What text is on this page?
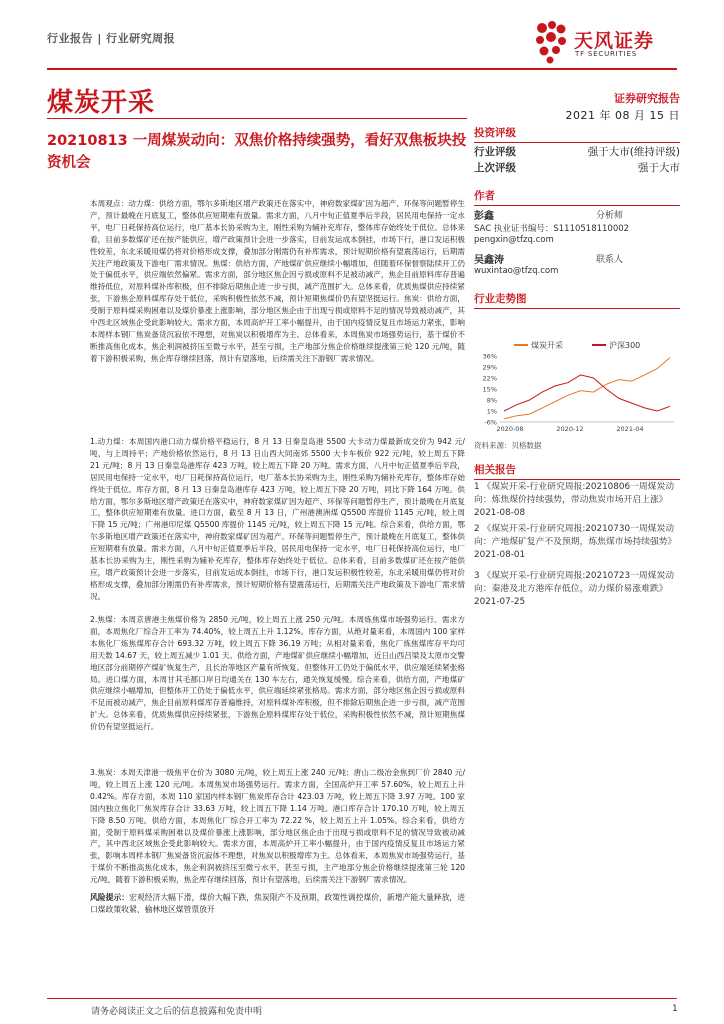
行业报告 | 行业研究周报	天风证券
TF SECURITIES
煤炭开采	证券研究报告
2021 年 08 月 15 日
20210813 一周煤炭动向：双焦价格持续强势，看好双焦板块投资机会
投资评级
行业评级	强于大市(维持评级)
上次评级	强于大市
作者
彭鑫	分析师
SAC 执业证书编号：S1110518110002
pengxin@tfzq.com
吴鑫涛	联系人
wuxintao@tfzq.com
行业走势图
煤炭开采	沪深300
36%
29%
22%
15%
8%
1%
-6%
2020-08	2020-12	2021-04
资料来源：贝格数据
相关报告
1 《煤炭开采-行业研究周报:20210806一周煤炭动向：炼焦煤价持续强势，带动焦炭市场开启上涨》 2021-08-08
2 《煤炭开采-行业研究周报:20210730一周煤炭动向：产地煤矿复产不及预期，炼焦煤市场持续强势》 2021-08-01
3 《煤炭开采-行业研究周报:20210723一周煤炭动向：秦港及北方港库存低位，动力煤价易涨难跌》 2021-07-25
本周观点：动力煤：供给方面，鄂尔多斯地区增产政策还在落实中，神府数家煤矿因为超产、环保等问题暂停生产，预计最晚在月底复工，整体供应短期难有放量。需求方面，八月中旬正值夏季后半段，居民用电保持一定水平，电厂日耗保持高位运行，电厂基本长协采购为主，刚性采购为辅补充库存，整体库存始终处于低位。总体来看，目前多数煤矿还在按产能供应，增产政策预计会进一步落实，目前发运成本倒挂，市场下行，港口发运积极性较差，东北采暖用煤仍将对价格形成支撑，叠加部分刚需仍有补库需求，预计短期价格有望震荡运行，后期需关注产地政策及下游电厂需求情况。焦煤：供给方面，产地煤矿供应继续小幅增加，但随着环保督察陆续开工仍处于偏低水平，供应端依然偏紧。需求方面，部分地区焦企因亏损或原料不足被动减产，焦企目前原料库存普遍维持低位，对原料煤补库积极，但不排除后期焦企进一步亏损，减产范围扩大。总体来看，优质焦煤供应持续紧张，下游焦企原料煤库存处于低位，采购积极性依然不减，预计短期焦煤价仍有望坚挺运行。焦炭：供给方面，受制于原料煤采购困难以及煤价暴涨上涨影响，部分地区焦企由于出现亏损或原料不足的情况导致被动减产，其中西北区域焦企受此影响较大。需求方面，本周高炉开工率小幅提升，由于国内疫情反复且市场运力紧张，影响本周样本钢厂焦炭备货沉寂依不理想，对焦炭以积极增库为主。总体看来，本周焦炭市场强势运行，基于煤价不断推高焦化成本，焦企利润被挤压至微亏水平，甚至亏损，主产地部分焦企价格继续提涨第三轮 120 元/吨，随着下游积极采购，焦企库存继续回落，预计有望落地，后续需关注下游钢厂需求情况。
1.动力煤：本周国内港口动力煤价格平稳运行，8 月 13 日秦皇岛港 5500 大卡动力煤最新成交价为 942 元/吨，与上周持平；产地价格依然运行，8 月 13 日山西大同南郊 5500 大卡车板价 922 元/吨，较上周五下降 21 元/吨；8 月 13 日秦皇岛港库存 423 万吨，较上周五下降 20 万吨。需求方面，八月中旬正值夏季后半段，居民用电保持一定水平，电厂日耗保持高位运行，电厂基本长协采购为主，刚性采购为辅补充库存，整体库存始终处于低位。库存方面，8 月 13 日秦皇岛港库存 423 万吨，较上周五下降 20 万吨，同比下降 164 万吨。供给方面，鄂尔多斯地区增产政策还在落实中，神府数家煤矿因为超产、环保等问题暂停生产，预计最晚在月底复工，整体供应短期难有放量。进口方面，截至 8 月 13 日，广州港澳洲煤 Q5500 库提价 1145 元/吨，较上周下降 15 元/吨；广州港印尼煤 Q5500 库提价 1145 元/吨，较上周五下降 15 元/吨。综合来看，供给方面，鄂尔多斯地区增产政策还在落实中，神府数家煤矿因为超产、环保等问题暂停生产，预计最晚在月底复工，整体供应短期难有放量。需求方面，八月中旬正值夏季后半段，居民用电保持一定水平，电厂日耗保持高位运行，电厂基本长协采购为主，刚性采购为辅补充库存，整体库存始终处于低位。总体来看，目前多数煤矿还在按产能供应，增产政策预计会进一步落实，目前发运成本倒挂，市场下行，港口发运积极性较差，东北采暖用煤仍将对价格形成支撑，叠加部分刚需仍有补库需求，预计短期价格有望震荡运行，后期需关注产地政策及下游电厂需求情况。
2.焦煤：本周京唐港主焦煤价格为 2850 元/吨，较上周五上涨 250 元/吨。本周炼焦煤市场强势运行。需求方面，本周焦化厂综合开工率为 74.40%，较上周五上升 1.12%。库存方面，从绝对量来看，本周国内 100 家样本焦化厂炼焦煤库存合计 693.32 万吨，较上周五下降 36.19 万吨；从相对量来看，焦化厂炼焦煤库存平均可用天数 14.67 天，较上周五减少 1.01 天。供给方面，产地煤矿供应继续小幅增加，近日山西吕梁及太原市交警地区部分前期停产煤矿恢复生产，且长治等地区产量有所恢复。但整体开工仍处于偏低水平，供应端延续紧张格局。进口煤方面，本周甘其毛都口岸日均通关在 130 车左右，通关恢复缓慢。综合来看，供给方面，产地煤矿供应继续小幅增加，但整体开工仍处于偏低水平，供应端延续紧张格局。需求方面，部分地区焦企因亏损或原料不足而被动减产，焦企目前原料煤库存普遍维持，对原料煤补库积极，但不排除后期焦企进一步亏损，减产范围扩大。总体来看，优质焦煤供应持续紧张，下游焦企原料煤库存处于低位，采购积极性依然不减，预计短期焦煤价仍有望坚挺运行。
3.焦炭：本周天津港一级焦平仓价为 3080 元/吨，较上周五上涨 240 元/吨；唐山二级冶金焦到厂价 2840 元/吨，较上周五上涨 120 元/吨。本周焦炭市场强势运行。需求方面，全国高炉开工率 57.60%，较上周五上升 0.42%。库存方面，本周 110 家国内样本钢厂焦炭库存合计 423.03 万吨，较上周五下降 3.97 万吨。100 家国内独立焦化厂焦炭库存合计 33.63 万吨，较上周五下降 1.14 万吨。港口库存合计 170.10 万吨，较上周五下降 8.50 万吨。供给方面，本周焦化厂综合开工率为 72.22 %，较上周五上升 1.05%。综合来看，供给方面，受制于原料煤采购困难以及煤价暴涨上涨影响，部分地区焦企由于出现亏损或原料不足的情况导致被动减产，其中西北区域焦企受此影响较大。需求方面，本周高炉开工率小幅提升，由于国内疫情反复且市场运力紧张，影响本周样本钢厂焦炭备货沉寂体不理想，对焦炭以积极增库为主。总体看来，本周焦炭市场强势运行，基于煤价不断推高焦化成本，焦企利润被挤压至微亏水平，甚至亏损，主产地部分焦企价格继续提涨第三轮 120 元/吨，随着下游积极采购，焦企库存继续回落，预计有望落地，后续需关注下游钢厂需求情况。
风险提示：宏观经济大幅下滑，煤价大幅下跌，焦炭限产不及预期，政策性调控煤价，新增产能大量释放，进口煤政策收紧、榆林地区煤管票放开
请务必阅读正文之后的信息披露和免责申明	1
